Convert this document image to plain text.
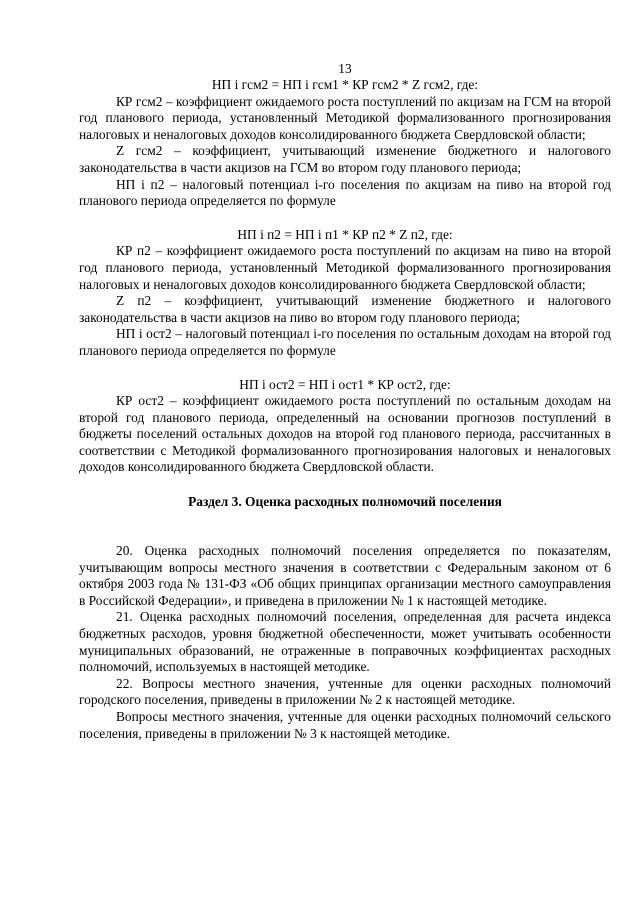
13

НП i гсм2 = НП i гсм1 * КР гсм2 * Z гсм2, где:

КР гсм2 – коэффициент ожидаемого роста поступлений по акцизам на ГСМ на второй год планового периода, установленный Методикой формализованного прогнозирования налоговых и неналоговых доходов консолидированного бюджета Свердловской области;

Z гсм2 – коэффициент, учитывающий изменение бюджетного и налогового законодательства в части акцизов на ГСМ во втором году планового периода;

НП i п2 – налоговый потенциал i-го поселения по акцизам на пиво на второй год планового периода определяется по формуле

НП i п2 = НП i п1 * КР п2 * Z п2, где:

КР п2 – коэффициент ожидаемого роста поступлений по акцизам на пиво на второй год планового периода, установленный Методикой формализованного прогнозирования налоговых и неналоговых доходов консолидированного бюджета Свердловской области;

Z п2 – коэффициент, учитывающий изменение бюджетного и налогового законодательства в части акцизов на пиво во втором году планового периода;

НП i ост2 – налоговый потенциал i-го поселения по остальным доходам на второй год планового периода определяется по формуле

НП i ост2 = НП i ост1 * КР ост2, где:

КР ост2 – коэффициент ожидаемого роста поступлений по остальным доходам на второй год планового периода, определенный на основании прогнозов поступлений в бюджеты поселений остальных доходов на второй год планового периода, рассчитанных в соответствии с Методикой формализованного прогнозирования налоговых и неналоговых доходов консолидированного бюджета Свердловской области.

Раздел 3. Оценка расходных полномочий поселения

20. Оценка расходных полномочий поселения определяется по показателям, учитывающим вопросы местного значения в соответствии с Федеральным законом от 6 октября 2003 года № 131-ФЗ «Об общих принципах организации местного самоуправления в Российской Федерации», и приведена в приложении № 1 к настоящей методике.

21. Оценка расходных полномочий поселения, определенная для расчета индекса бюджетных расходов, уровня бюджетной обеспеченности, может учитывать особенности муниципальных образований, не отраженные в поправочных коэффициентах расходных полномочий, используемых в настоящей методике.

22. Вопросы местного значения, учтенные для оценки расходных полномочий городского поселения, приведены в приложении № 2 к настоящей методике.

Вопросы местного значения, учтенные для оценки расходных полномочий сельского поселения, приведены в приложении № 3 к настоящей методике.
